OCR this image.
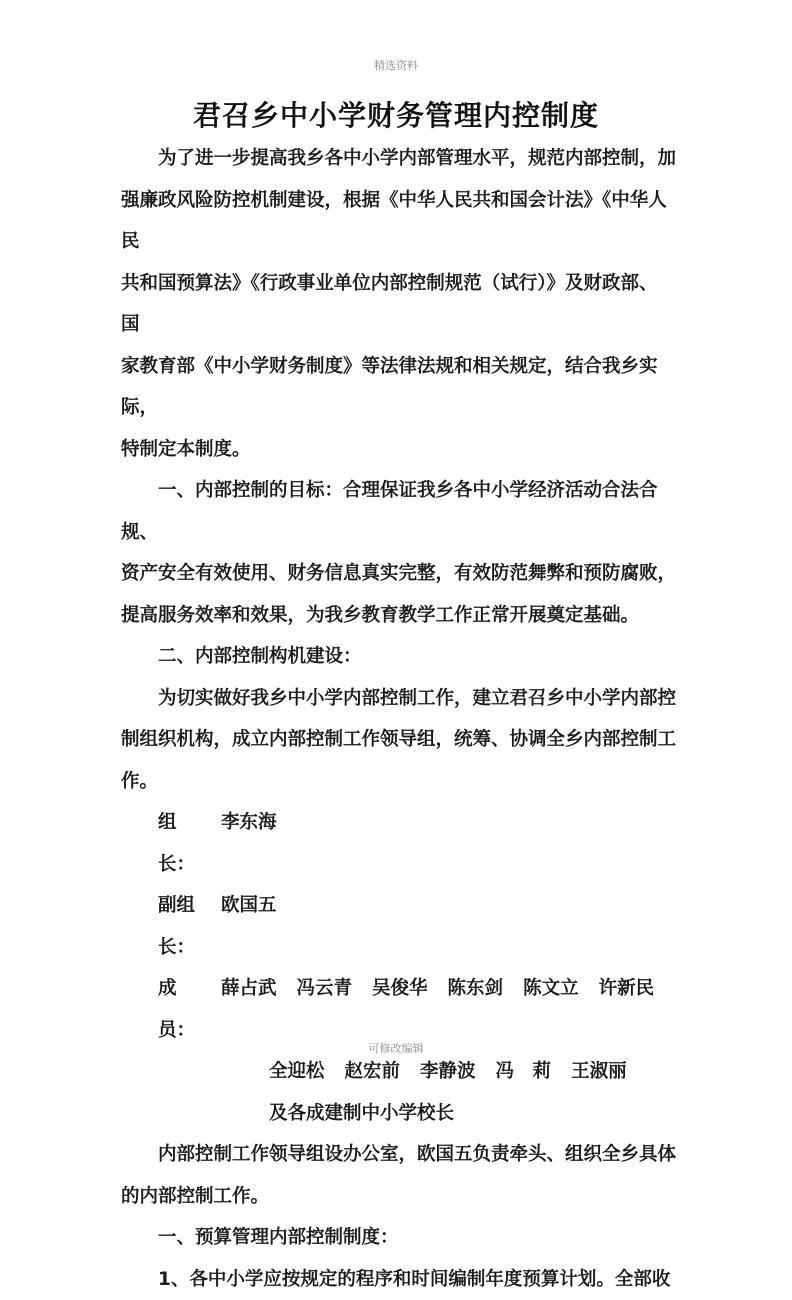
精选资料
君召乡中小学财务管理内控制度

为了进一步提高我乡各中小学内部管理水平，规范内部控制，加

强廉政风险防控机制建设，根据《中华人民共和国会计法》《中华人民

共和国预算法》《行政事业单位内部控制规范（试行）》及财政部、　国

家教育部《中小学财务制度》等法律法规和相关规定，结合我乡实际，

特制定本制度。

一、内部控制的目标：合理保证我乡各中小学经济活动合法合规、

资产安全有效使用、财务信息真实完整，有效防范舞弊和预防腐败，

提高服务效率和效果，为我乡教育教学工作正常开展奠定基础。

二、内部控制构机建设：

为切实做好我乡中小学内部控制工作，建立君召乡中小学内部控

制组织机构，成立内部控制工作领导组，统筹、协调全乡内部控制工

作。

组　长：
李东海
副组长：
欧国五
成　员：
薛占武 冯云青 吴俊华 陈东剑 陈文立 许新民
全迎松 赵宏前 李静波 冯　莉 王淑丽

及各成建制中小学校长

内部控制工作领导组设办公室，欧国五负责牵头、组织全乡具体

的内部控制工作。

一、预算管理内部控制制度：

1、各中小学应按规定的程序和时间编制年度预算计划。全部收

可修改编辑
